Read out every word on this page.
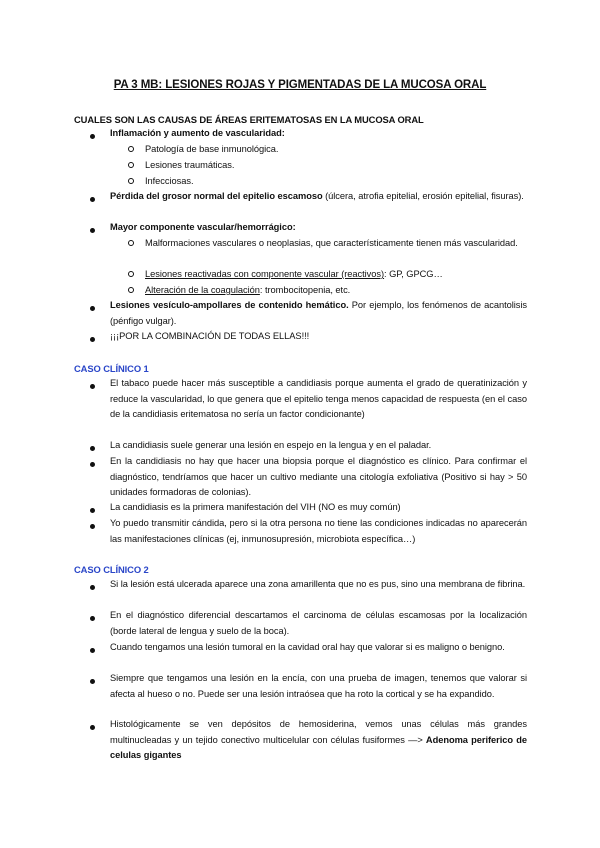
PA 3 MB: LESIONES ROJAS Y PIGMENTADAS DE LA MUCOSA ORAL
CUALES SON LAS CAUSAS DE ÁREAS ERITEMATOSAS EN LA MUCOSA ORAL
Inflamación y aumento de vascularidad:
Patología de base inmunológica.
Lesiones traumáticas.
Infecciosas.
Pérdida del grosor normal del epitelio escamoso (úlcera, atrofia epitelial, erosión epitelial, fisuras).
Mayor componente vascular/hemorrágico:
Malformaciones vasculares o neoplasias, que característicamente tienen más vascularidad.
Lesiones reactivadas con componente vascular (reactivos): GP, GPCG…
Alteración de la coagulación: trombocitopenia, etc.
Lesiones vesículo-ampollares de contenido hemático. Por ejemplo, los fenómenos de acantolisis (pénfigo vulgar).
¡¡¡POR LA COMBINACIÓN DE TODAS ELLAS!!!
CASO CLÍNICO 1
El tabaco puede hacer más susceptible a candidiasis porque aumenta el grado de queratinización y reduce la vascularidad, lo que genera que el epitelio tenga menos capacidad de respuesta (en el caso de la candidiasis eritematosa no sería un factor condicionante)
La candidiasis suele generar una lesión en espejo en la lengua y en el paladar.
En la candidiasis no hay que hacer una biopsia porque el diagnóstico es clínico. Para confirmar el diagnóstico, tendríamos que hacer un cultivo mediante una citología exfoliativa (Positivo si hay > 50 unidades formadoras de colonias).
La candidiasis es la primera manifestación del VIH (NO es muy común)
Yo puedo transmitir cándida, pero si la otra persona no tiene las condiciones indicadas no aparecerán las manifestaciones clínicas (ej, inmunosupresión, microbiota específica…)
CASO CLÍNICO 2
Si la lesión está ulcerada aparece una zona amarillenta que no es pus, sino una membrana de fibrina.
En el diagnóstico diferencial descartamos el carcinoma de células escamosas por la localización (borde lateral de lengua y suelo de la boca).
Cuando tengamos una lesión tumoral en la cavidad oral hay que valorar si es maligno o benigno.
Siempre que tengamos una lesión en la encía, con una prueba de imagen, tenemos que valorar si afecta al hueso o no. Puede ser una lesión intraósea que ha roto la cortical y se ha expandido.
Histológicamente se ven depósitos de hemosiderina, vemos unas células más grandes multinucleadas y un tejido conectivo multicelular con células fusiformes —> Adenoma periferico de celulas gigantes
